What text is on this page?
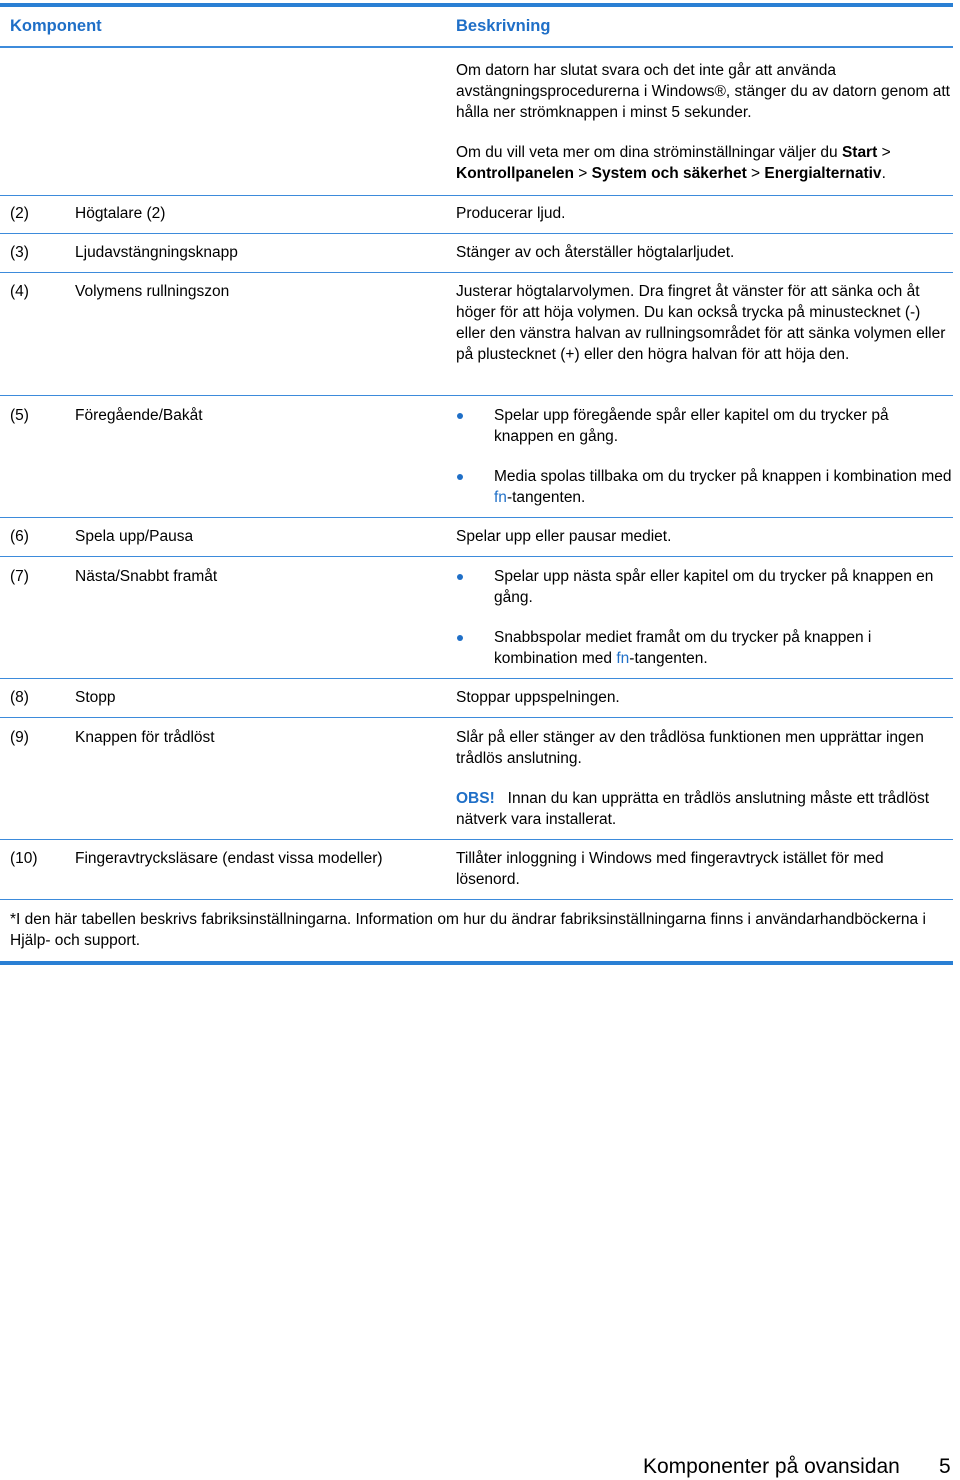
Komponent	Beskrivning
Om datorn har slutat svara och det inte går att använda avstängningsprocedurerna i Windows®, stänger du av datorn genom att hålla ner strömknappen i minst 5 sekunder.
Om du vill veta mer om dina ströminställningar väljer du Start > Kontrollpanelen > System och säkerhet > Energialternativ.
(2)	Högtalare (2)	Producerar ljud.
(3)	Ljudavstängningsknapp	Stänger av och återställer högtalarljudet.
(4)	Volymens rullningszon	Justerar högtalarvolymen. Dra fingret åt vänster för att sänka och åt höger för att höja volymen. Du kan också trycka på minustecknet (-) eller den vänstra halvan av rullningsområdet för att sänka volymen eller på plustecknet (+) eller den högra halvan för att höja den.
(5)	Föregående/Bakåt	Spelar upp föregående spår eller kapitel om du trycker på knappen en gång.
Media spolas tillbaka om du trycker på knappen i kombination med fn-tangenten.
(6)	Spela upp/Pausa	Spelar upp eller pausar mediet.
(7)	Nästa/Snabbt framåt	Spelar upp nästa spår eller kapitel om du trycker på knappen en gång.
Snabbspolar mediet framåt om du trycker på knappen i kombination med fn-tangenten.
(8)	Stopp	Stoppar uppspelningen.
(9)	Knappen för trådlöst	Slår på eller stänger av den trådlösa funktionen men upprättar ingen trådlös anslutning.
OBS! Innan du kan upprätta en trådlös anslutning måste ett trådlöst nätverk vara installerat.
(10) Fingeravtrycksläsare (endast vissa modeller)	Tillåter inloggning i Windows med fingeravtryck istället för med lösenord.
*I den här tabellen beskrivs fabriksinställningarna. Information om hur du ändrar fabriksinställningarna finns i användarhandböckerna i Hjälp- och support.
Komponenter på ovansidan 5
